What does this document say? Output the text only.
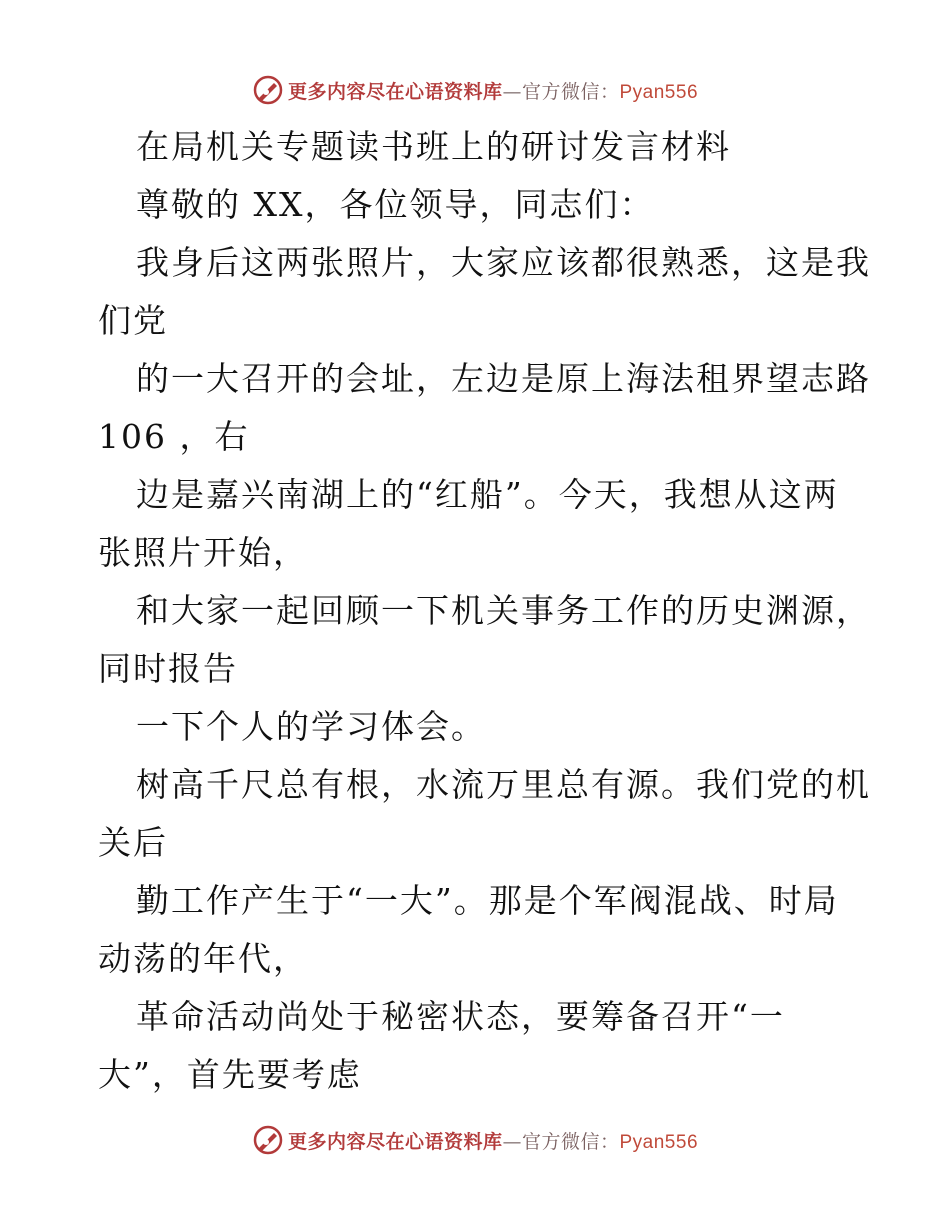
更多内容尽在心语资料库—官方微信：Pyan556
在局机关专题读书班上的研讨发言材料
尊敬的 XX，各位领导，同志们：
我身后这两张照片，大家应该都很熟悉，这是我
们党
的一大召开的会址，左边是原上海法租界望志路
106 ，右
边是嘉兴南湖上的“红船”。今天，我想从这两
张照片开始，
和大家一起回顾一下机关事务工作的历史渊源，
同时报告
一下个人的学习体会。
树高千尺总有根，水流万里总有源。我们党的机
关后
勤工作产生于“一大”。那是个军阀混战、时局
动荡的年代，
革命活动尚处于秘密状态，要筹备召开“一
大”，首先要考虑
更多内容尽在心语资料库—官方微信：Pyan556
